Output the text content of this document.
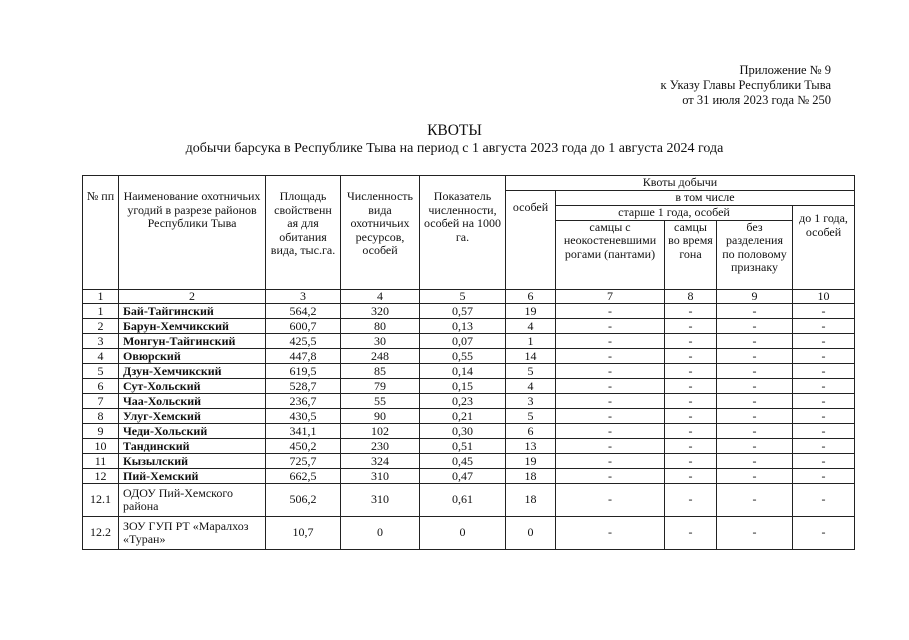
Приложение № 9
к Указу Главы Республики Тыва
от 31 июля 2023 года № 250
КВОТЫ
добычи барсука в Республике Тыва на период с 1 августа 2023 года до 1 августа 2024 года
№ пп	Наименование охотничьих угодий в разрезе районов Республики Тыва	Площадь свойственн ая для обитания вида, тыс.га.	Численность вида охотничьих ресурсов, особей	Показатель численности, особей на 1000 га.	Квоты добычи				
					особей	в том числе			
						старше 1 года, особей			до 1 года, особей
						самцы с неокостеневшими рогами (пантами)	самцы во время гона	без разделения по половому признаку	
1	2	3	4	5	6	7	8	9	10
1	Бай-Тайгинский	564,2	320	0,57	19	-	-	-	-
2	Барун-Хемчикский	600,7	80	0,13	4	-	-	-	-
3	Монгун-Тайгинский	425,5	30	0,07	1	-	-	-	-
4	Овюрский	447,8	248	0,55	14	-	-	-	-
5	Дзун-Хемчикский	619,5	85	0,14	5	-	-	-	-
6	Сут-Хольский	528,7	79	0,15	4	-	-	-	-
7	Чаа-Хольский	236,7	55	0,23	3	-	-	-	-
8	Улуг-Хемский	430,5	90	0,21	5	-	-	-	-
9	Чеди-Хольский	341,1	102	0,30	6	-	-	-	-
10	Тандинский	450,2	230	0,51	13	-	-	-	-
11	Кызылский	725,7	324	0,45	19	-	-	-	-
12	Пий-Хемский	662,5	310	0,47	18	-	-	-	-
12.1	ОДОУ Пий-Хемского района	506,2	310	0,61	18	-	-	-	-
12.2	ЗОУ ГУП РТ «Маралхоз «Туран»	10,7	0	0	0	-	-	-	-
